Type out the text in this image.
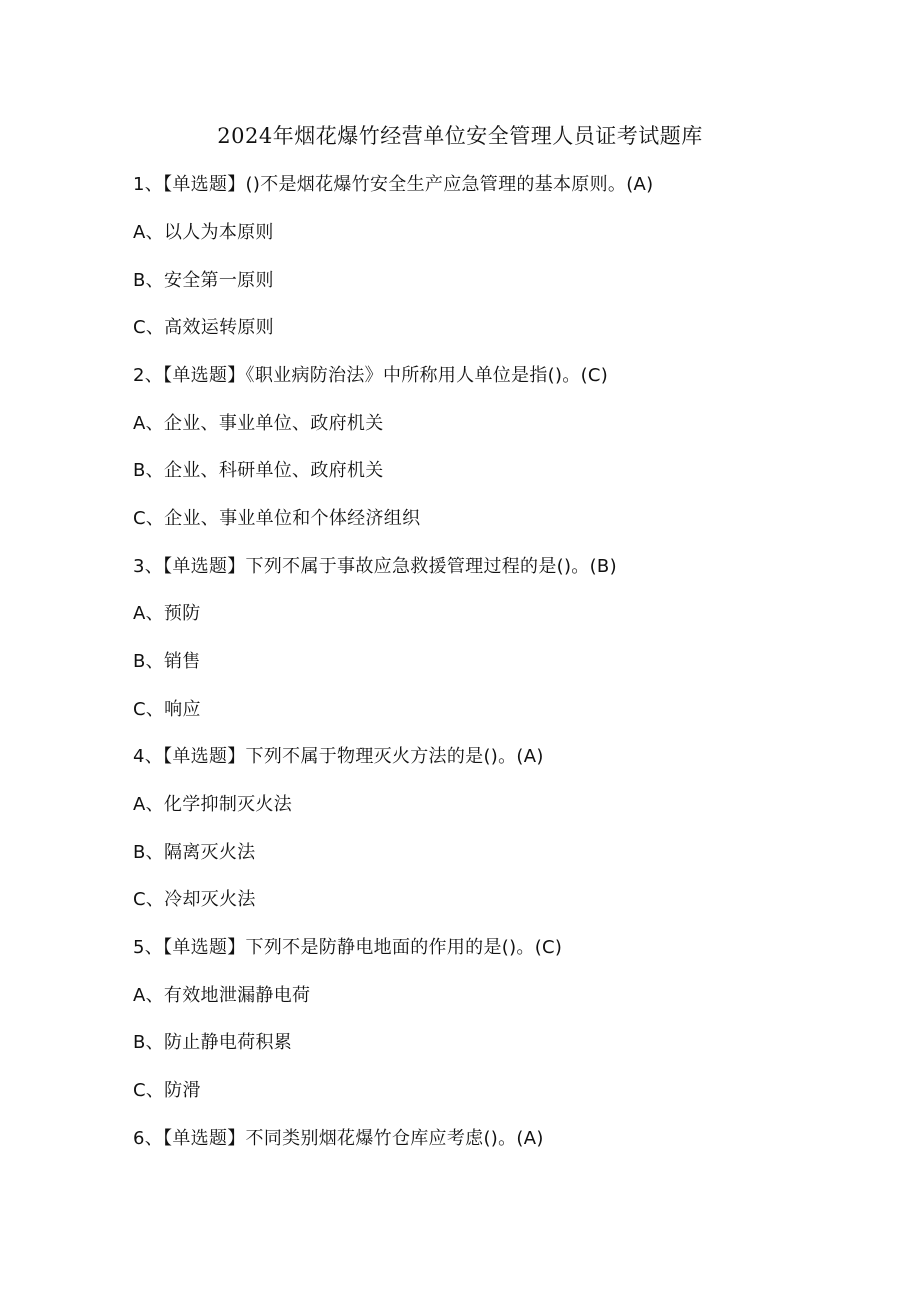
2024年烟花爆竹经营单位安全管理人员证考试题库
1、【单选题】()不是烟花爆竹安全生产应急管理的基本原则。(A)
A、以人为本原则
B、安全第一原则
C、高效运转原则
2、【单选题】《职业病防治法》中所称用人单位是指()。(C)
A、企业、事业单位、政府机关
B、企业、科研单位、政府机关
C、企业、事业单位和个体经济组织
3、【单选题】下列不属于事故应急救援管理过程的是()。(B)
A、预防
B、销售
C、响应
4、【单选题】下列不属于物理灭火方法的是()。(A)
A、化学抑制灭火法
B、隔离灭火法
C、冷却灭火法
5、【单选题】下列不是防静电地面的作用的是()。(C)
A、有效地泄漏静电荷
B、防止静电荷积累
C、防滑
6、【单选题】不同类别烟花爆竹仓库应考虑()。(A)
